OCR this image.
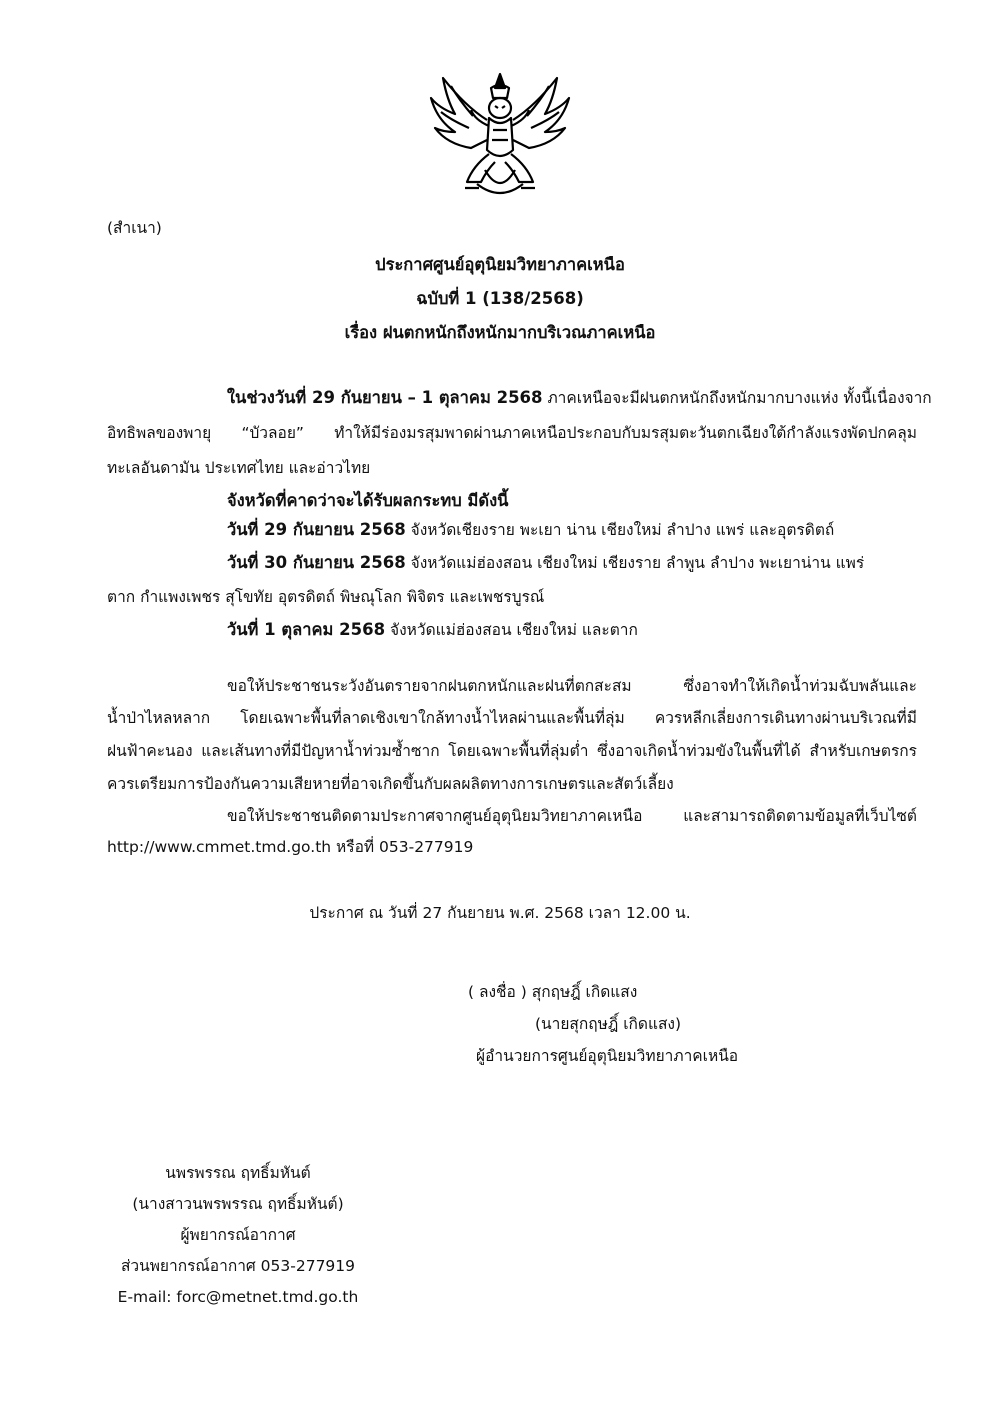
(สำเนา)
ประกาศศูนย์อุตุนิยมวิทยาภาคเหนือ
ฉบับที่ 1 (138/2568)
เรื่อง ฝนตกหนักถึงหนักมากบริเวณภาคเหนือ
ในช่วงวันที่ 29 กันยายน – 1 ตุลาคม 2568 ภาคเหนือจะมีฝนตกหนักถึงหนักมากบางแห่ง ทั้งนี้เนื่องจาก
อิทธิพลของพายุ “บัวลอย” ทำให้มีร่องมรสุมพาดผ่านภาคเหนือประกอบกับมรสุมตะวันตกเฉียงใต้กำลังแรงพัดปกคลุม
ทะเลอันดามัน ประเทศไทย และอ่าวไทย
จังหวัดที่คาดว่าจะได้รับผลกระทบ มีดังนี้
วันที่ 29 กันยายน 2568 จังหวัดเชียงราย พะเยา น่าน เชียงใหม่ ลำปาง แพร่ และอุตรดิตถ์
วันที่ 30 กันยายน 2568 จังหวัดแม่ฮ่องสอน เชียงใหม่ เชียงราย ลำพูน ลำปาง พะเยาน่าน แพร่
ตาก กำแพงเพชร สุโขทัย อุตรดิตถ์ พิษณุโลก พิจิตร และเพชรบูรณ์
วันที่ 1 ตุลาคม 2568 จังหวัดแม่ฮ่องสอน เชียงใหม่ และตาก
ขอให้ประชาชนระวังอันตรายจากฝนตกหนักและฝนที่ตกสะสม ซึ่งอาจทำให้เกิดน้ำท่วมฉับพลันและ
น้ำป่าไหลหลาก โดยเฉพาะพื้นที่ลาดเชิงเขาใกล้ทางน้ำไหลผ่านและพื้นที่ลุ่ม ควรหลีกเลี่ยงการเดินทางผ่านบริเวณที่มี
ฝนฟ้าคะนอง และเส้นทางที่มีปัญหาน้ำท่วมซ้ำซาก โดยเฉพาะพื้นที่ลุ่มต่ำ ซึ่งอาจเกิดน้ำท่วมขังในพื้นที่ได้ สำหรับเกษตรกร
ควรเตรียมการป้องกันความเสียหายที่อาจเกิดขึ้นกับผลผลิตทางการเกษตรและสัตว์เลี้ยง
ขอให้ประชาชนติดตามประกาศจากศูนย์อุตุนิยมวิทยาภาคเหนือ และสามารถติดตามข้อมูลที่เว็บไซต์
http://www.cmmet.tmd.go.th หรือที่ 053-277919
ประกาศ ณ วันที่ 27 กันยายน พ.ศ. 2568 เวลา 12.00 น.
( ลงชื่อ ) สุกฤษฎิ์ เกิดแสง
(นายสุกฤษฎิ์ เกิดแสง)
ผู้อำนวยการศูนย์อุตุนิยมวิทยาภาคเหนือ
นพรพรรณ ฤทธิ์มหันต์
(นางสาวนพรพรรณ ฤทธิ์มหันต์)
ผู้พยากรณ์อากาศ
ส่วนพยากรณ์อากาศ 053-277919
E-mail: forc@metnet.tmd.go.th
